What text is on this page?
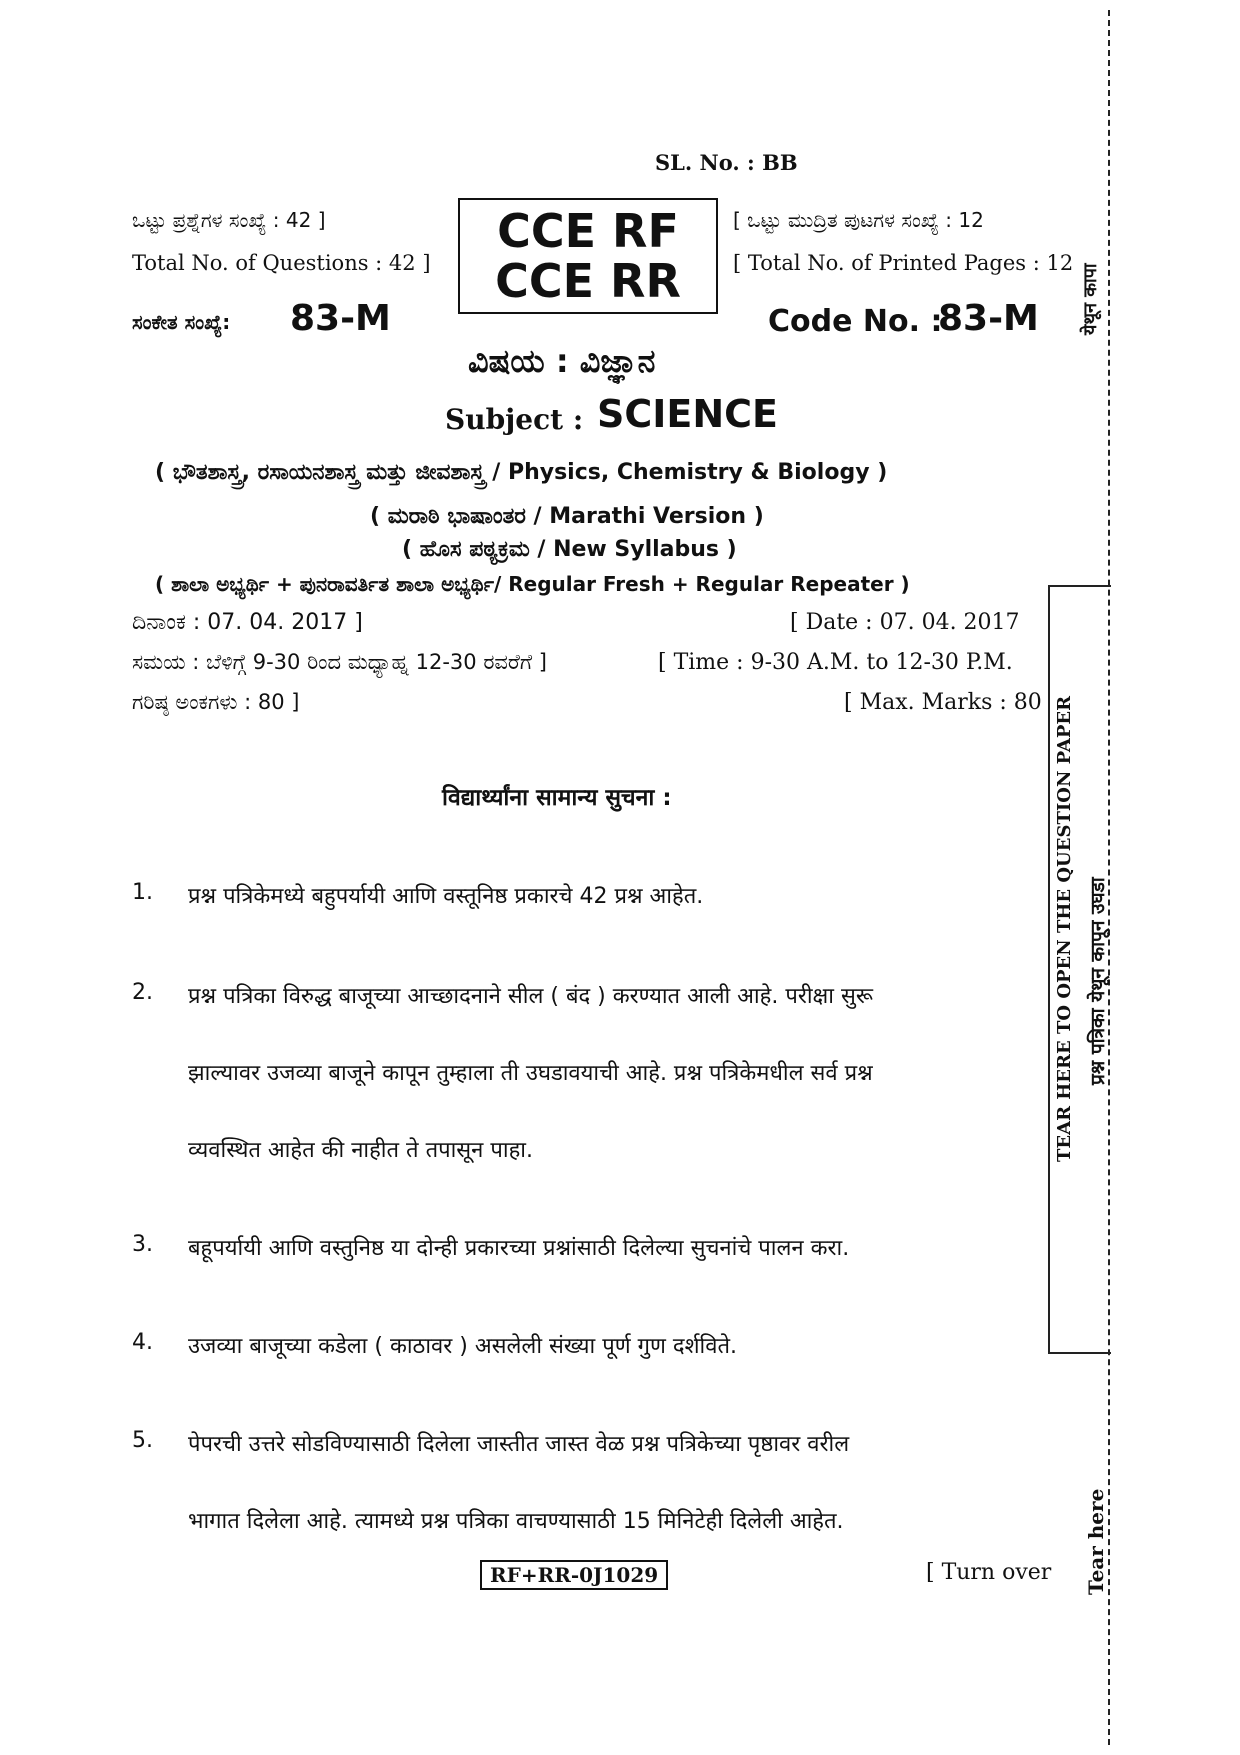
SL. No. : BB
CCE RF
CCE RR
ಒಟ್ಟು ಪ್ರಶ್ನೆಗಳ ಸಂಖ್ಯೆ : 42 ]
Total No. of Questions : 42 ]
[ ಒಟ್ಟು ಮುದ್ರಿತ ಪುಟಗಳ ಸಂಖ್ಯೆ : 12
[ Total No. of Printed Pages : 12
ಸಂಕೇತ ಸಂಖ್ಯೆ: 83-M	Code No. :
83-M
ವಿಷಯ : ವಿಜ್ಞಾನ
Subject : SCIENCE
( ಭೌತಶಾಸ್ತ್ರ, ರಸಾಯನಶಾಸ್ತ್ರ ಮತ್ತು ಜೀವಶಾಸ್ತ್ರ / Physics, Chemistry & Biology )
( ಮರಾಠಿ ಭಾಷಾಂತರ / Marathi Version )
( ಹೊಸ ಪಠ್ಯಕ್ರಮ / New Syllabus )
( ಶಾಲಾ ಅಭ್ಯರ್ಥಿ + ಪುನರಾವರ್ತಿತ ಶಾಲಾ ಅಭ್ಯರ್ಥಿ/ Regular Fresh + Regular Repeater )
ದಿನಾಂಕ : 07. 04. 2017 ]	[ Date : 07. 04. 2017
ಸಮಯ : ಬೆಳಿಗ್ಗೆ 9-30 ರಿಂದ ಮಧ್ಯಾಹ್ನ 12-30 ರವರೆಗೆ ]	[ Time : 9-30 A.M. to 12-30 P.M.
ಗರಿಷ್ಠ ಅಂಕಗಳು : 80 ]	[ Max. Marks : 80
विद्यार्थ्यांना सामान्य सुचना :
1. प्रश्न पत्रिकेमध्ये बहुपर्यायी आणि वस्तूनिष्ठ प्रकारचे 42 प्रश्न आहेत.
2. प्रश्न पत्रिका विरुद्ध बाजूच्या आच्छादनाने सील ( बंद ) करण्यात आली आहे. परीक्षा सुरू
झाल्यावर उजव्या बाजूने कापून तुम्हाला ती उघडावयाची आहे. प्रश्न पत्रिकेमधील सर्व प्रश्न
व्यवस्थित आहेत की नाहीत ते तपासून पाहा.
3. बहूपर्यायी आणि वस्तुनिष्ठ या दोन्ही प्रकारच्या प्रश्नांसाठी दिलेल्या सुचनांचे पालन करा.
4. उजव्या बाजूच्या कडेला ( काठावर ) असलेली संख्या पूर्ण गुण दर्शविते.
5. पेपरची उत्तरे सोडविण्यासाठी दिलेला जास्तीत जास्त वेळ प्रश्न पत्रिकेच्या पृष्ठावर वरील
भागात दिलेला आहे. त्यामध्ये प्रश्न पत्रिका वाचण्यासाठी 15 मिनिटेही दिलेली आहेत.
RF+RR-0J1029	[ Turn over
येथून कापा
TEAR HERE TO OPEN THE QUESTION PAPER प्रश्न पत्रिका येथून कापून उघडा
Tear here
